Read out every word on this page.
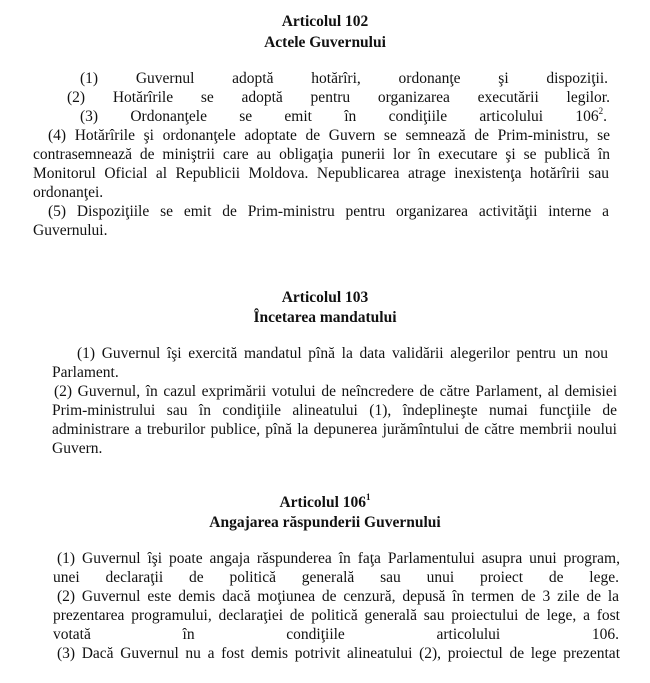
Articolul 102
Actele Guvernului
(1) Guvernul adoptă hotărîri, ordonanţe şi dispoziţii.
(2) Hotărîrile se adoptă pentru organizarea executării legilor.
(3) Ordonanţele se emit în condiţiile articolului $106^2$.
(4) Hotărîrile şi ordonanţele adoptate de Guvern se semnează de Prim-ministru, se
contrasemnează de miniştrii care au obligaţia punerii lor în executare şi se publică în
Monitorul Oficial al Republicii Moldova. Nepublicarea atrage inexistenţa hotărîrii sau
ordonanţei.
(5) Dispoziţiile se emit de Prim-ministru pentru organizarea activităţii interne a
Guvernului.
Articolul 103
Încetarea mandatului
(1) Guvernul îşi exercită mandatul pînă la data validării alegerilor pentru un nou
Parlament.
(2) Guvernul, în cazul exprimării votului de neîncredere de către Parlament, al demisiei
Prim-ministrului sau în condiţiile alineatului (1), îndeplineşte numai funcţiile de
administrare a treburilor publice, pînă la depunerea jurămîntului de către membrii noului
Guvern.
Articolul $106^1$
Angajarea răspunderii Guvernului
(1) Guvernul îşi poate angaja răspunderea în faţa Parlamentului asupra unui program,
unei declaraţii de politică generală sau unui proiect de lege.
(2) Guvernul este demis dacă moţiunea de cenzură, depusă în termen de 3 zile de la
prezentarea programului, declaraţiei de politică generală sau proiectului de lege, a fost
votată în condiţiile articolului 106.
(3) Dacă Guvernul nu a fost demis potrivit alineatului (2), proiectul de lege prezentat
